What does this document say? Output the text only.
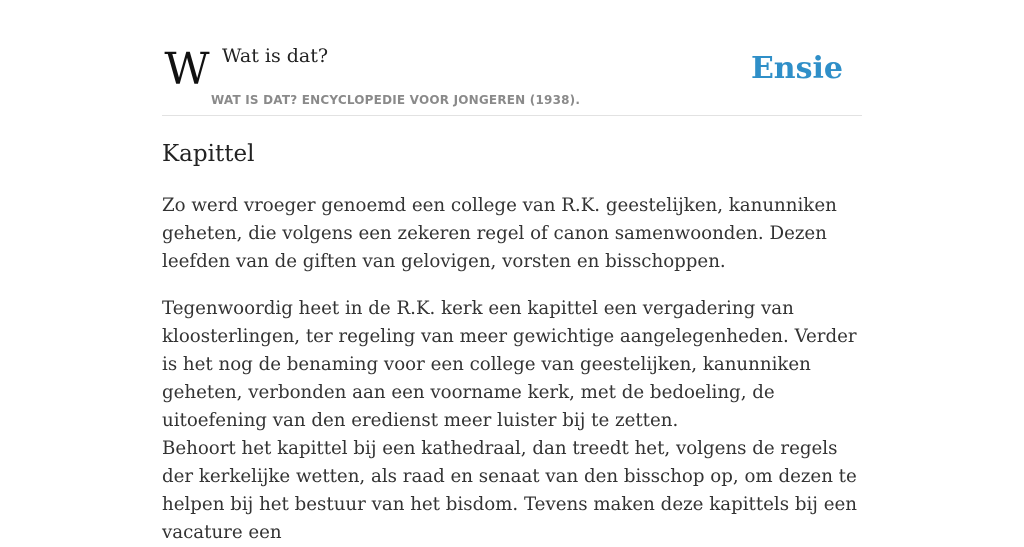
W Wat is dat?
WAT IS DAT? ENCYCLOPEDIE VOOR JONGEREN (1938).
Ensie
Kapittel

Zo werd vroeger genoemd een college van R.K. geestelijken, kanunniken geheten, die volgens een zekeren regel of canon samenwoonden. Dezen leefden van de giften van gelovigen, vorsten en bisschoppen.

Tegenwoordig heet in de R.K. kerk een kapittel een vergadering van kloosterlingen, ter regeling van meer gewichtige aangelegenheden. Verder is het nog de benaming voor een college van geestelijken, kanunniken geheten, verbonden aan een voorname kerk, met de bedoeling, de uitoefening van den eredienst meer luister bij te zetten.

Behoort het kapittel bij een kathedraal, dan treedt het, volgens de regels der kerkelijke wetten, als raad en senaat van den bisschop op, om dezen te helpen bij het bestuur van het bisdom. Tevens maken deze kapittels bij een vacature een
